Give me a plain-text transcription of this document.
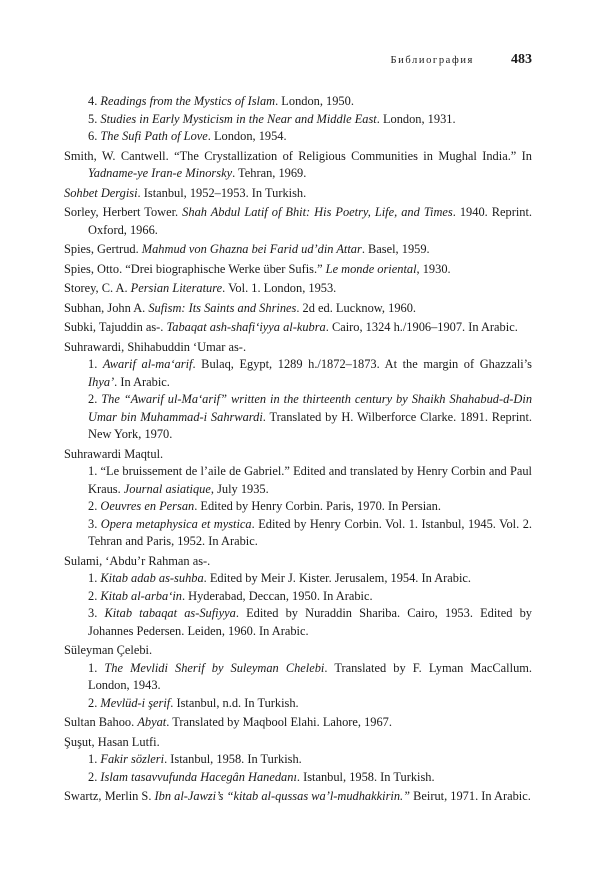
Библиография	483

4. Readings from the Mystics of Islam. London, 1950.

5. Studies in Early Mysticism in the Near and Middle East. London, 1931.

6. The Sufi Path of Love. London, 1954.

Smith, W. Cantwell. “The Crystallization of Religious Communities in Mughal India.” In Yadname-ye Iran-e Minorsky. Tehran, 1969.

Sohbet Dergisi. Istanbul, 1952–1953. In Turkish.

Sorley, Herbert Tower. Shah Abdul Latif of Bhit: His Poetry, Life, and Times. 1940. Reprint. Oxford, 1966.

Spies, Gertrud. Mahmud von Ghazna bei Farid ud’din Attar. Basel, 1959.

Spies, Otto. “Drei biographische Werke über Sufis.” Le monde oriental, 1930.

Storey, C. A. Persian Literature. Vol. 1. London, 1953.

Subhan, John A. Sufism: Its Saints and Shrines. 2d ed. Lucknow, 1960.

Subki, Tajuddin as-. Tabaqat ash-shafi‘iyya al-kubra. Cairo, 1324 h./1906–1907. In Arabic.

Suhrawardi, Shihabuddin ‘Umar as-.

1. Awarif al-ma‘arif. Bulaq, Egypt, 1289 h./1872–1873. At the margin of Ghazzali’s Ihya’. In Arabic.

2. The “Awarif ul-Ma‘arif” written in the thirteenth century by Shaikh Shahabud-d-Din Umar bin Muhammad-i Sahrwardi. Translated by H. Wilberforce Clarke. 1891. Reprint. New York, 1970.

Suhrawardi Maqtul.

1. “Le bruissement de l’aile de Gabriel.” Edited and translated by Henry Corbin and Paul Kraus. Journal asiatique, July 1935.

2. Oeuvres en Persan. Edited by Henry Corbin. Paris, 1970. In Persian.

3. Opera metaphysica et mystica. Edited by Henry Corbin. Vol. 1. Istanbul, 1945. Vol. 2. Tehran and Paris, 1952. In Arabic.

Sulami, ‘Abdu’r Rahman as-.

1. Kitab adab as-suhba. Edited by Meir J. Kister. Jerusalem, 1954. In Arabic.

2. Kitab al-arba‘in. Hyderabad, Deccan, 1950. In Arabic.

3. Kitab tabaqat as-Sufiyya. Edited by Nuraddin Shariba. Cairo, 1953. Edited by Johannes Pedersen. Leiden, 1960. In Arabic.

Süleyman Çelebi.

1. The Mevlidi Sherif by Suleyman Chelebi. Translated by F. Lyman MacCallum. London, 1943.

2. Mevlüd-i şerif. Istanbul, n.d. In Turkish.

Sultan Bahoo. Abyat. Translated by Maqbool Elahi. Lahore, 1967.

Şuşut, Hasan Lutfi.

1. Fakir sözleri. Istanbul, 1958. In Turkish.

2. Islam tasavvufunda Hacegân Hanedanı. Istanbul, 1958. In Turkish.

Swartz, Merlin S. Ibn al-Jawzi’s “kitab al-qussas wa’l-mudhakkirin.” Beirut, 1971. In Arabic.
